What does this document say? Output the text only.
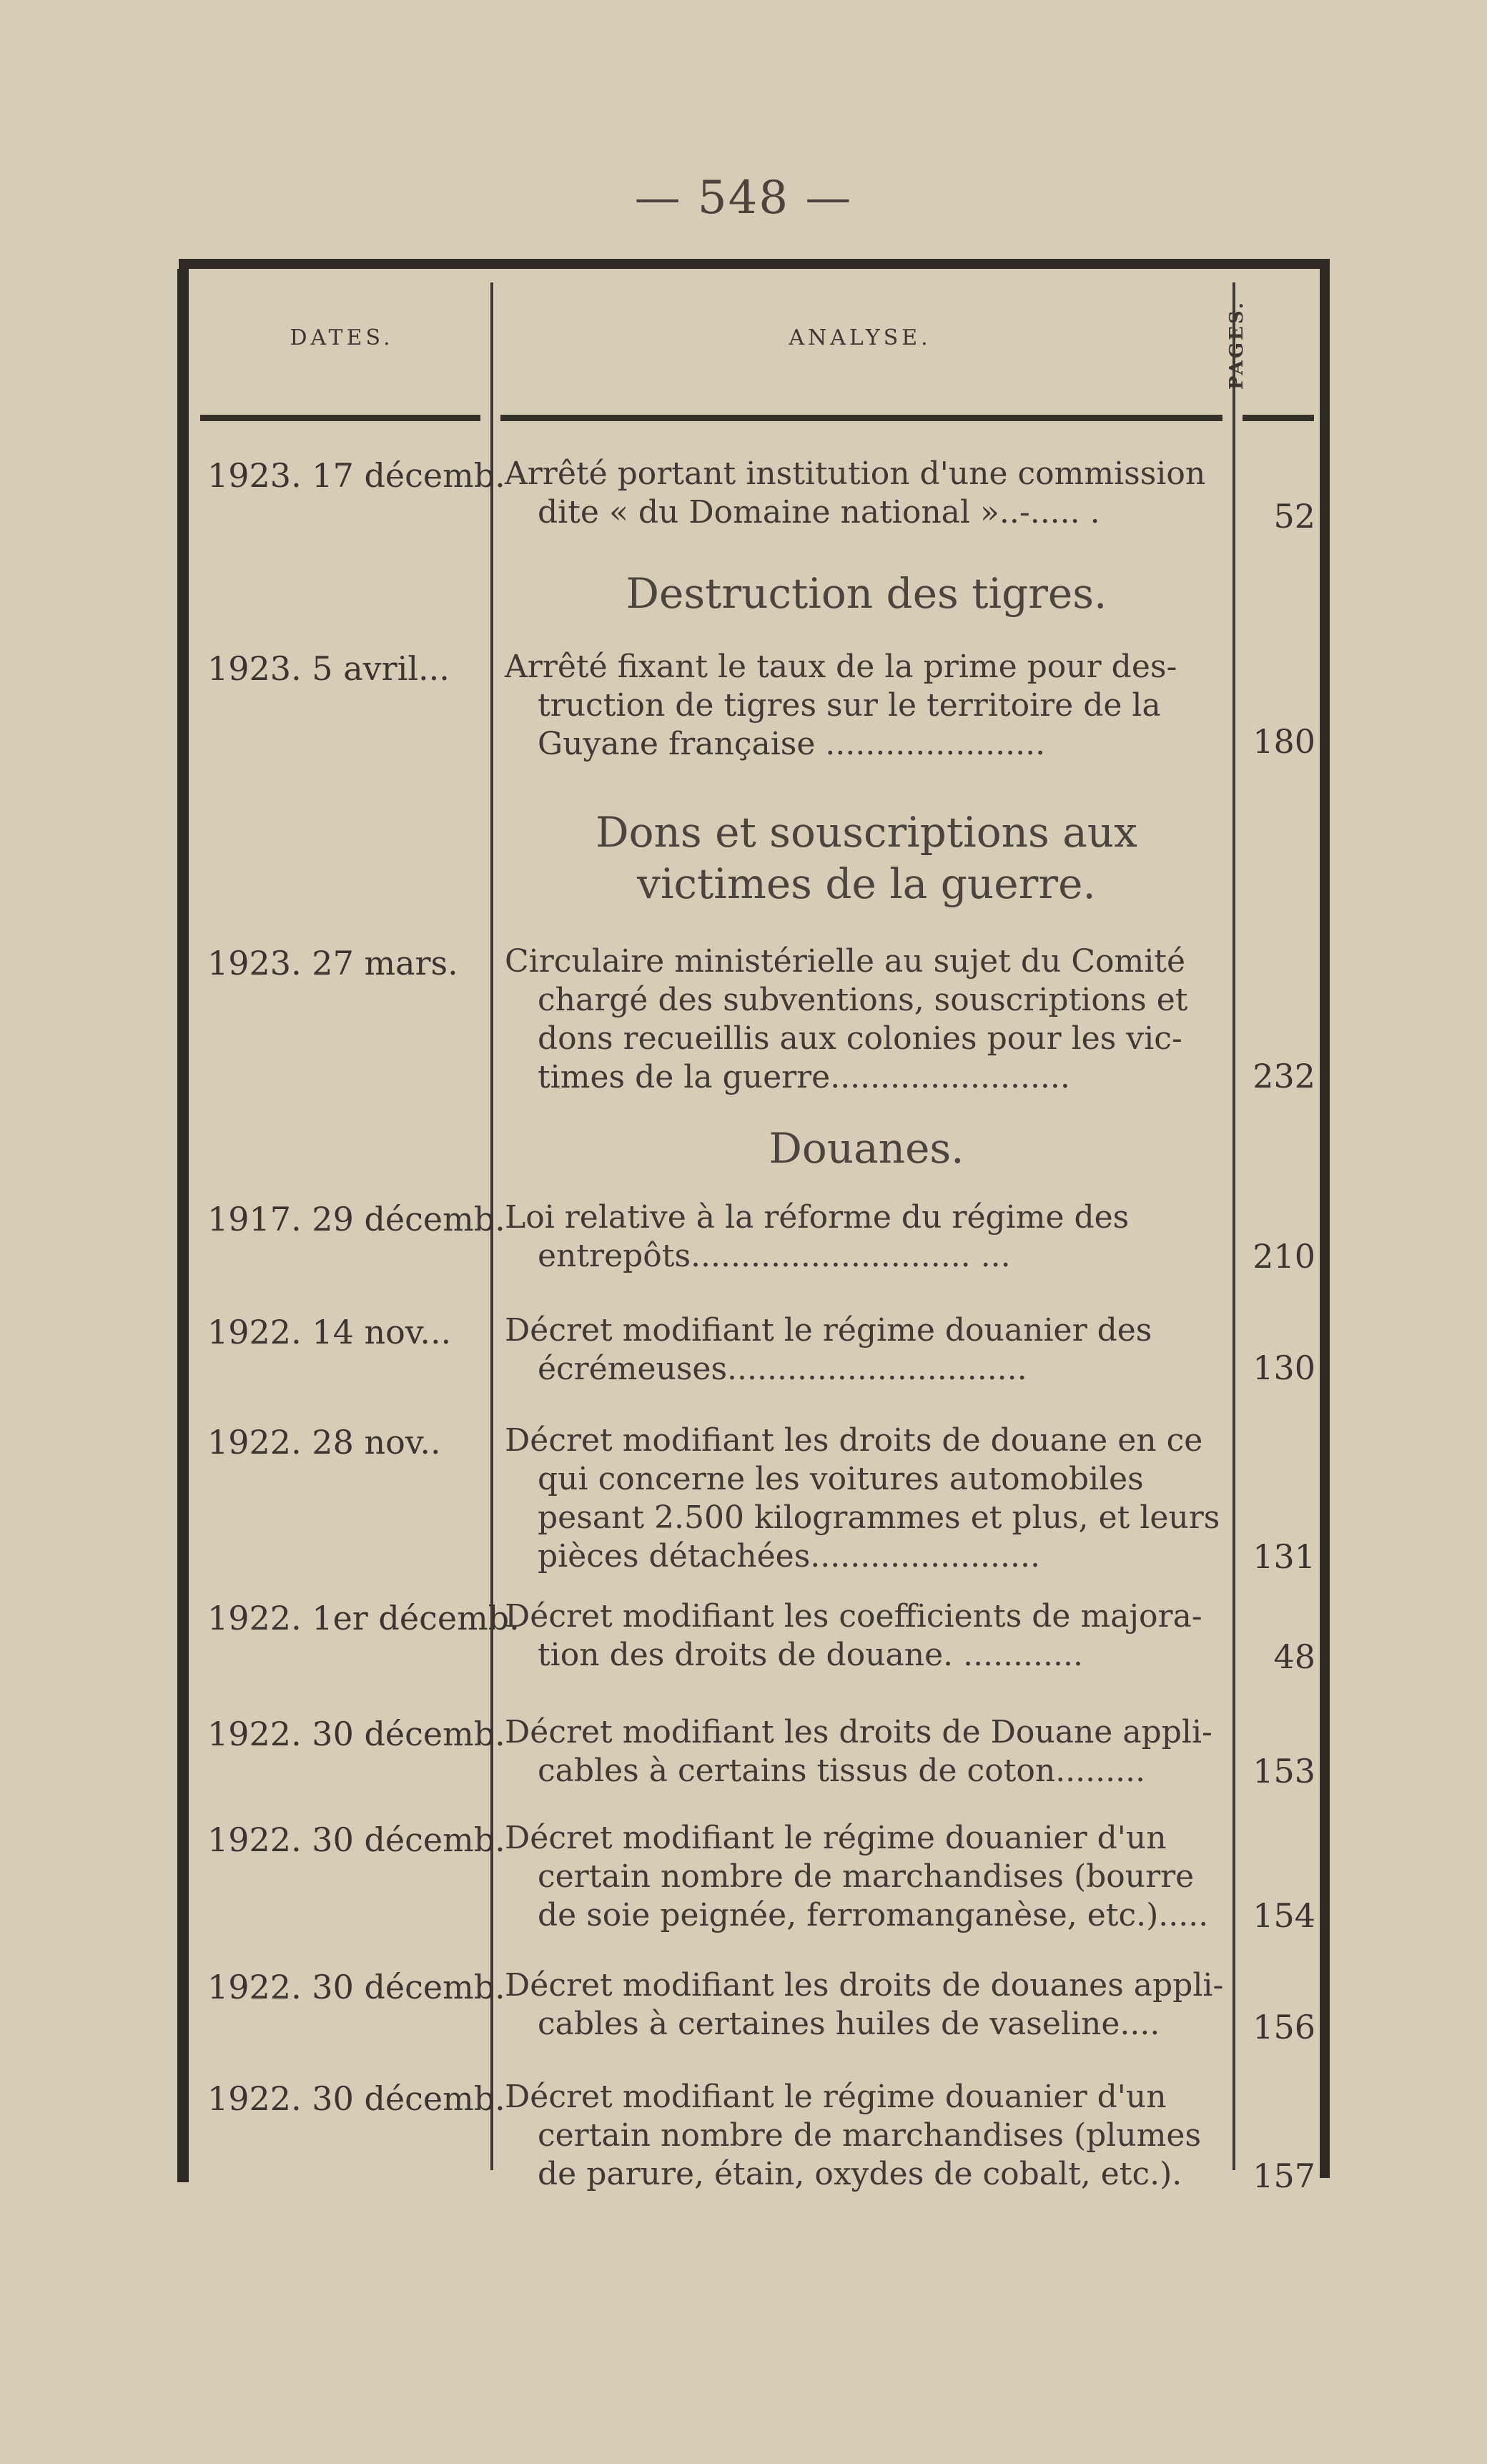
— 548 —
DATES.	ANALYSE.	PAGES.
1923. 17 décemb. Arrêté portant institution d'une commission
dite « du Domaine national »..-..... .	52
Destruction des tigres.
1923. 5 avril...	Arrêté fixant le taux de la prime pour des-
truction de tigres sur le territoire de la
Guyane française ......................	180
Dons et souscriptions aux victimes de la guerre.
1923. 27 mars.	Circulaire ministérielle au sujet du Comité
chargé des subventions, souscriptions et
dons recueillis aux colonies pour les vic-
times de la guerre........................	232
Douanes.
1917. 29 décemb. Loi relative à la réforme du régime des
entrepôts............................ ...	210
1922. 14 nov...	Décret modifiant le régime douanier des
écrémeuses..............................	130
1922. 28 nov..	Décret modifiant les droits de douane en ce
qui concerne les voitures automobiles
pesant 2.500 kilogrammes et plus, et leurs
pièces détachées.......................	131
1922. 1er décemb.
Décret modifiant les coefficients de majora-
tion des droits de douane. ............	48
1922. 30 décemb. Décret modifiant les droits de Douane appli-
cables à certains tissus de coton.........	153
1922. 30 décemb. Décret modifiant le régime douanier d'un
certain nombre de marchandises (bourre
de soie peignée, ferromanganèse, etc.).....	154
1922. 30 décemb. Décret modifiant les droits de douanes appli-
cables à certaines huiles de vaseline....	156
1922. 30 décemb. Décret modifiant le régime douanier d'un
certain nombre de marchandises (plumes
de parure, étain, oxydes de cobalt, etc.).	157
